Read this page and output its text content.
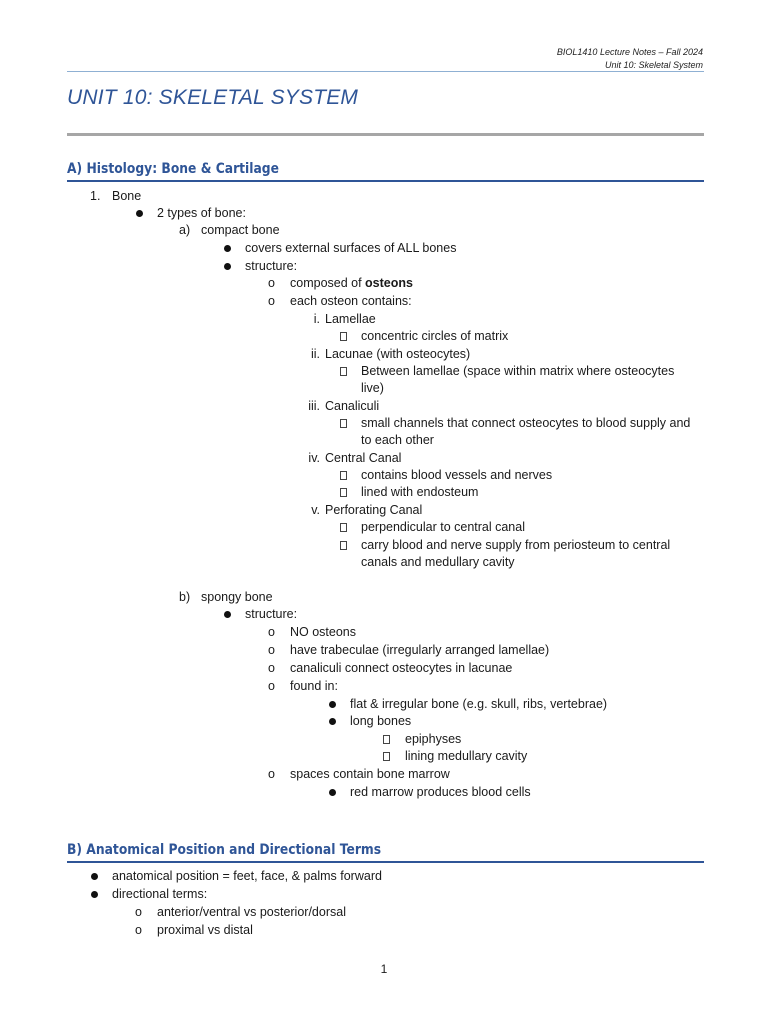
BIOL1410 Lecture Notes – Fall 2024
Unit 10: Skeletal System
UNIT 10: SKELETAL SYSTEM
A) Histology: Bone & Cartilage
1. Bone
2 types of bone:
a) compact bone
covers external surfaces of ALL bones
structure:
o composed of osteons
o each osteon contains:
i. Lamellae
concentric circles of matrix
ii. Lacunae (with osteocytes)
Between lamellae (space within matrix where osteocytes
live)
iii. Canaliculi
small channels that connect osteocytes to blood supply and
to each other
iv. Central Canal
contains blood vessels and nerves
lined with endosteum
v. Perforating Canal
perpendicular to central canal
carry blood and nerve supply from periosteum to central
canals and medullary cavity
b) spongy bone
structure:
o NO osteons
o have trabeculae (irregularly arranged lamellae)
o canaliculi connect osteocytes in lacunae
o found in:
flat & irregular bone (e.g. skull, ribs, vertebrae)
long bones
epiphyses
lining medullary cavity
o spaces contain bone marrow
red marrow produces blood cells
B) Anatomical Position and Directional Terms
anatomical position = feet, face, & palms forward
directional terms:
o anterior/ventral vs posterior/dorsal
o proximal vs distal
1
